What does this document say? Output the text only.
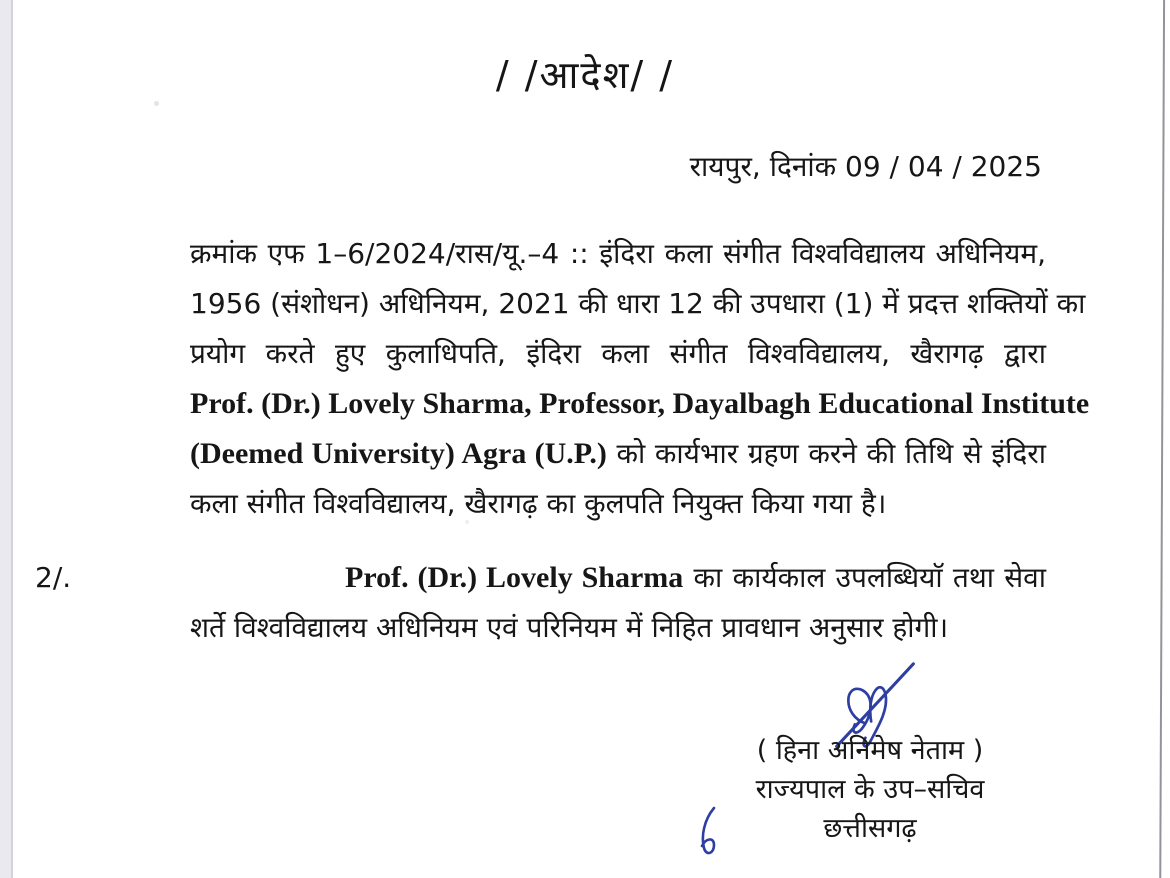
/ /आदेश/ /
रायपुर, दिनांक 09 / 04 / 2025
क्रमांक एफ 1–6/2024/रास/यू.–4 :: इंदिरा कला संगीत विश्वविद्यालय अधिनियम,
1956 (संशोधन) अधिनियम, 2021 की धारा 12 की उपधारा (1) में प्रदत्त शक्तियों का
प्रयोग करते हुए कुलाधिपति, इंदिरा कला संगीत विश्वविद्यालय, खैरागढ़ द्वारा
Prof. (Dr.) Lovely Sharma, Professor, Dayalbagh Educational Institute
(Deemed University) Agra (U.P.) को कार्यभार ग्रहण करने की तिथि से इंदिरा
कला संगीत विश्वविद्यालय, खैरागढ़ का कुलपति नियुक्त किया गया है।
2/.	Prof. (Dr.) Lovely Sharma का कार्यकाल उपलब्धियाॅ तथा सेवा
शर्ते विश्वविद्यालय अधिनियम एवं परिनियम में निहित प्रावधान अनुसार होगी।
( हिना अनिमेष नेताम )
राज्यपाल के उप–सचिव
छत्तीसगढ़
